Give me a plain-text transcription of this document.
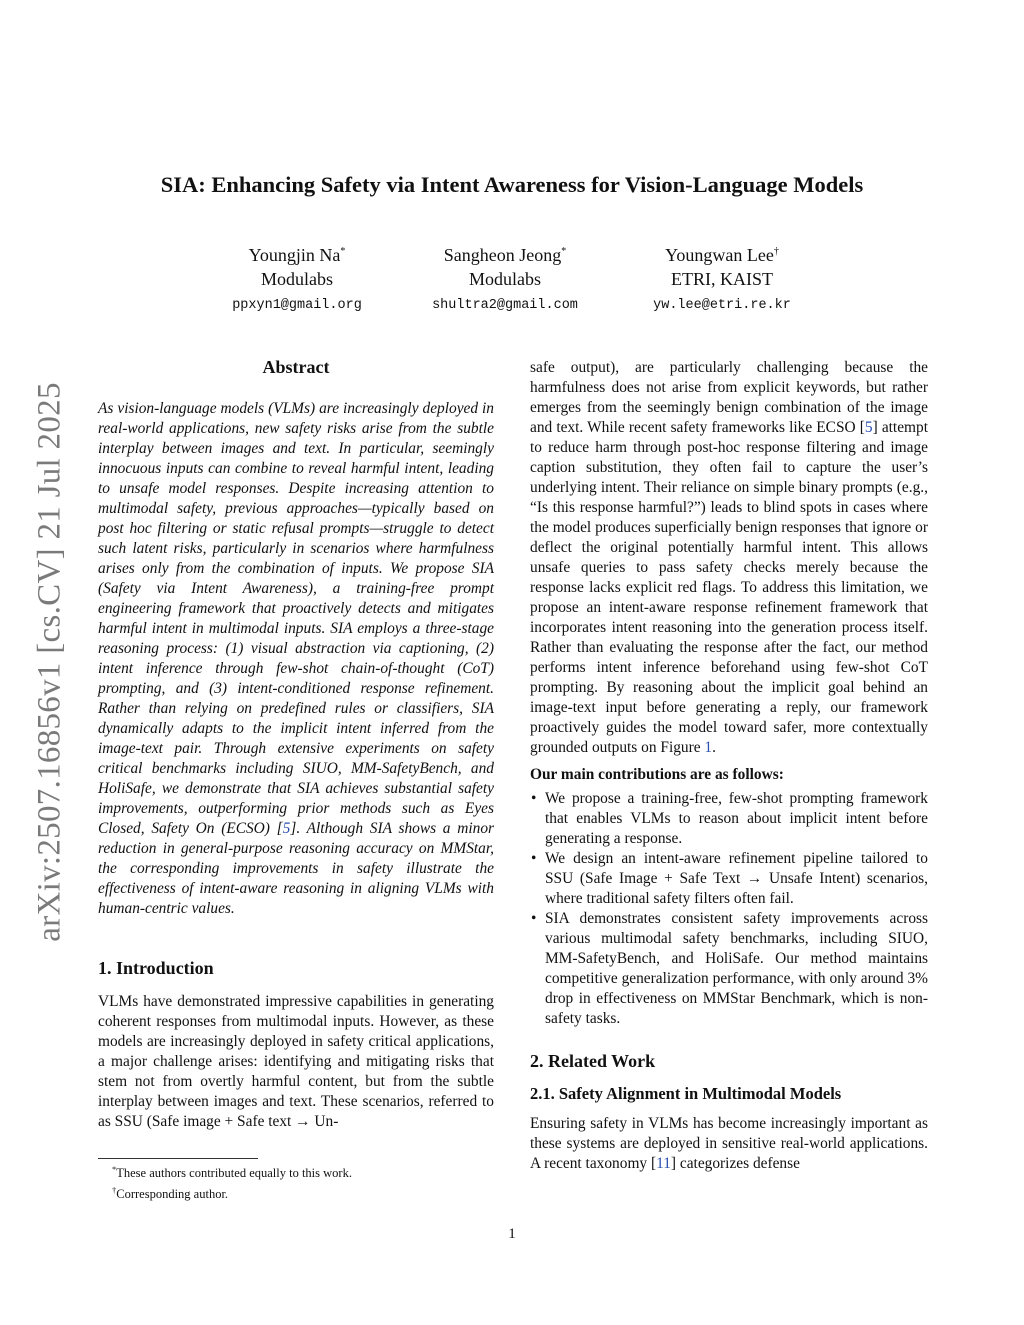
arXiv:2507.16856v1 [cs.CV] 21 Jul 2025
SIA: Enhancing Safety via Intent Awareness for Vision-Language Models
Youngjin Na*
Modulabs
ppxyn1@gmail.org
Sangheon Jeong*
Modulabs
shultra2@gmail.com
Youngwan Lee†
ETRI, KAIST
yw.lee@etri.re.kr
Abstract

As vision-language models (VLMs) are increasingly deployed in real-world applications, new safety risks arise from the subtle interplay between images and text. In particular, seemingly innocuous inputs can combine to reveal harmful intent, leading to unsafe model responses. Despite increasing attention to multimodal safety, previous approaches—typically based on post hoc filtering or static refusal prompts—struggle to detect such latent risks, particularly in scenarios where harmfulness arises only from the combination of inputs. We propose SIA (Safety via Intent Awareness), a training-free prompt engineering framework that proactively detects and mitigates harmful intent in multimodal inputs. SIA employs a three-stage reasoning process: (1) visual abstraction via captioning, (2) intent inference through few-shot chain-of-thought (CoT) prompting, and (3) intent-conditioned response refinement. Rather than relying on predefined rules or classifiers, SIA dynamically adapts to the implicit intent inferred from the image-text pair. Through extensive experiments on safety critical benchmarks including SIUO, MM-SafetyBench, and HoliSafe, we demonstrate that SIA achieves substantial safety improvements, outperforming prior methods such as Eyes Closed, Safety On (ECSO) [5]. Although SIA shows a minor reduction in general-purpose reasoning accuracy on MMStar, the corresponding improvements in safety illustrate the effectiveness of intent-aware reasoning in aligning VLMs with human-centric values.

1. Introduction

VLMs have demonstrated impressive capabilities in generating coherent responses from multimodal inputs. However, as these models are increasingly deployed in safety critical applications, a major challenge arises: identifying and mitigating risks that stem not from overtly harmful content, but from the subtle interplay between images and text. These scenarios, referred to as SSU (Safe image + Safe text → Un-

safe output), are particularly challenging because the harmfulness does not arise from explicit keywords, but rather emerges from the seemingly benign combination of the image and text. While recent safety frameworks like ECSO [5] attempt to reduce harm through post-hoc response filtering and image caption substitution, they often fail to capture the user’s underlying intent. Their reliance on simple binary prompts (e.g., “Is this response harmful?”) leads to blind spots in cases where the model produces superficially benign responses that ignore or deflect the original potentially harmful intent. This allows unsafe queries to pass safety checks merely because the response lacks explicit red flags. To address this limitation, we propose an intent-aware response refinement framework that incorporates intent reasoning into the generation process itself. Rather than evaluating the response after the fact, our method performs intent inference beforehand using few-shot CoT prompting. By reasoning about the implicit goal behind an image-text input before generating a reply, our framework proactively guides the model toward safer, more contextually grounded outputs on Figure 1.

Our main contributions are as follows:

• We propose a training-free, few-shot prompting framework that enables VLMs to reason about implicit intent before generating a response.
• We design an intent-aware refinement pipeline tailored to SSU (Safe Image + Safe Text → Unsafe Intent) scenarios, where traditional safety filters often fail.
• SIA demonstrates consistent safety improvements across various multimodal safety benchmarks, including SIUO, MM-SafetyBench, and HoliSafe. Our method maintains competitive generalization performance, with only around 3% drop in effectiveness on MMStar Benchmark, which is non-safety tasks.
2. Related Work
2.1. Safety Alignment in Multimodal Models

Ensuring safety in VLMs has become increasingly important as these systems are deployed in sensitive real-world applications. A recent taxonomy [11] categorizes defense

*These authors contributed equally to this work.
†Corresponding author.
1
